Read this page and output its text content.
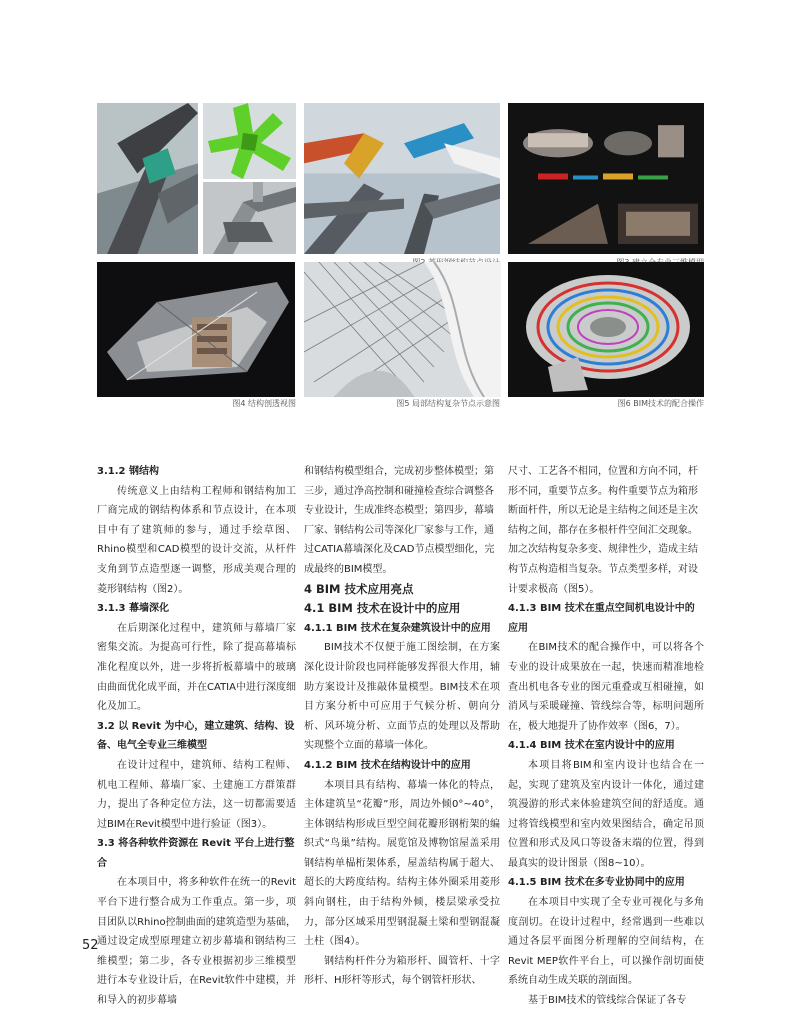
图4 结构剖透视图	图5 局部结构复杂节点示意图	图6 BIM技术的配合操作
3.1.2 钢结构
传统意义上由结构工程师和钢结构加工厂商完成的钢结构体系和节点设计，在本项目中有了建筑师的参与，通过手绘草图、Rhino模型和CAD模型的设计交流，从杆件支角到节点造型逐一调整，形成美观合理的菱形钢结构（图2）。
3.1.3 幕墙深化
在后期深化过程中，建筑师与幕墙厂家密集交流。为提高可行性，除了提高幕墙标准化程度以外，进一步将折板幕墙中的玻璃由曲面优化成平面，并在CATIA中进行深度细化及加工。
3.2 以 Revit 为中心，建立建筑、结构、设备、电气全专业三维模型
在设计过程中，建筑师、结构工程师、机电工程师、幕墙厂家、土建施工方群策群力，提出了各种定位方法，这一切都需要适过BIM在Revit模型中进行验证（图3）。
3.3 将各种软件资源在 Revit 平台上进行整合
在本项目中，将多种软件在统一的Revit平台下进行整合成为工作重点。第一步，项目团队以Rhino控制曲面的建筑造型为基础，通过设定成型原理建立初步幕墙和钢结构三维模型；第二步，各专业根据初步三维模型进行本专业设计后，在Revit软件中建模，并和导入的初步幕墙
和钢结构模型组合，完成初步整体模型；第三步，通过净高控制和碰撞检查综合调整各专业设计，生成准终态模型；第四步，幕墙厂家、钢结构公司等深化厂家参与工作，通过CATIA幕墙深化及CAD节点模型细化，完成最终的BIM模型。
4 BIM 技术应用亮点
4.1 BIM 技术在设计中的应用
4.1.1 BIM 技术在复杂建筑设计中的应用
BIM技术不仅便于施工图绘制，在方案深化设计阶段也同样能够发挥很大作用，辅助方案设计及推敲体量模型。BIM技术在项目方案分析中可应用于气候分析、朝向分析、风环境分析、立面节点的处理以及帮助实现整个立面的幕墙一体化。
4.1.2 BIM 技术在结构设计中的应用
本项目具有结构、幕墙一体化的特点，主体建筑呈“花瓣”形，周边外倾0°~40°，主体钢结构形成巨型空间花瓣形钢桁架的编织式“鸟巢”结构。展览馆及博物馆屋盖采用钢结构单榀桁架体系，屋盖结构属于超大、超长的大跨度结构。结构主体外圈采用菱形斜向钢柱，由于结构外倾，楼层梁承受拉力，部分区域采用型钢混凝土梁和型钢混凝土柱（图4）。
钢结构杆件分为箱形杆、圆管杆、十字形杆、H形杆等形式，每个钢管杆形状、
尺寸、工艺各不相同，位置和方向不同，杆形不同，重要节点多。构件重要节点为箱形断面杆件，所以无论是主结构之间还是主次结构之间，都存在多根杆件空间汇交现象。加之次结构复杂多变、规律性少，造成主结构节点构造相当复杂。节点类型多样，对设计要求极高（图5）。
4.1.3 BIM 技术在重点空间机电设计中的应用
在BIM技术的配合操作中，可以将各个专业的设计成果放在一起，快速而精准地检查出机电各专业的图元重叠或互相碰撞，如消风与采暖碰撞、管线综合等，标明问题所在，极大地提升了协作效率（图6，7）。
4.1.4 BIM 技术在室内设计中的应用
本项目将BIM和室内设计也结合在一起，实现了建筑及室内设计一体化，通过建筑漫游的形式来体验建筑空间的舒适度。通过将管线模型和室内效果图结合，确定吊顶位置和形式及风口等设备末端的位置，得到最真实的设计图景（图8~10）。
4.1.5 BIM 技术在多专业协同中的应用
在本项目中实现了全专业可视化与多角度剖切。在设计过程中，经常遇到一些难以通过各层平面图分析理解的空间结构，在Revit MEP软件平台上，可以操作剖切面使系统自动生成关联的剖面图。
基于BIM技术的管线综合保证了各专
52
